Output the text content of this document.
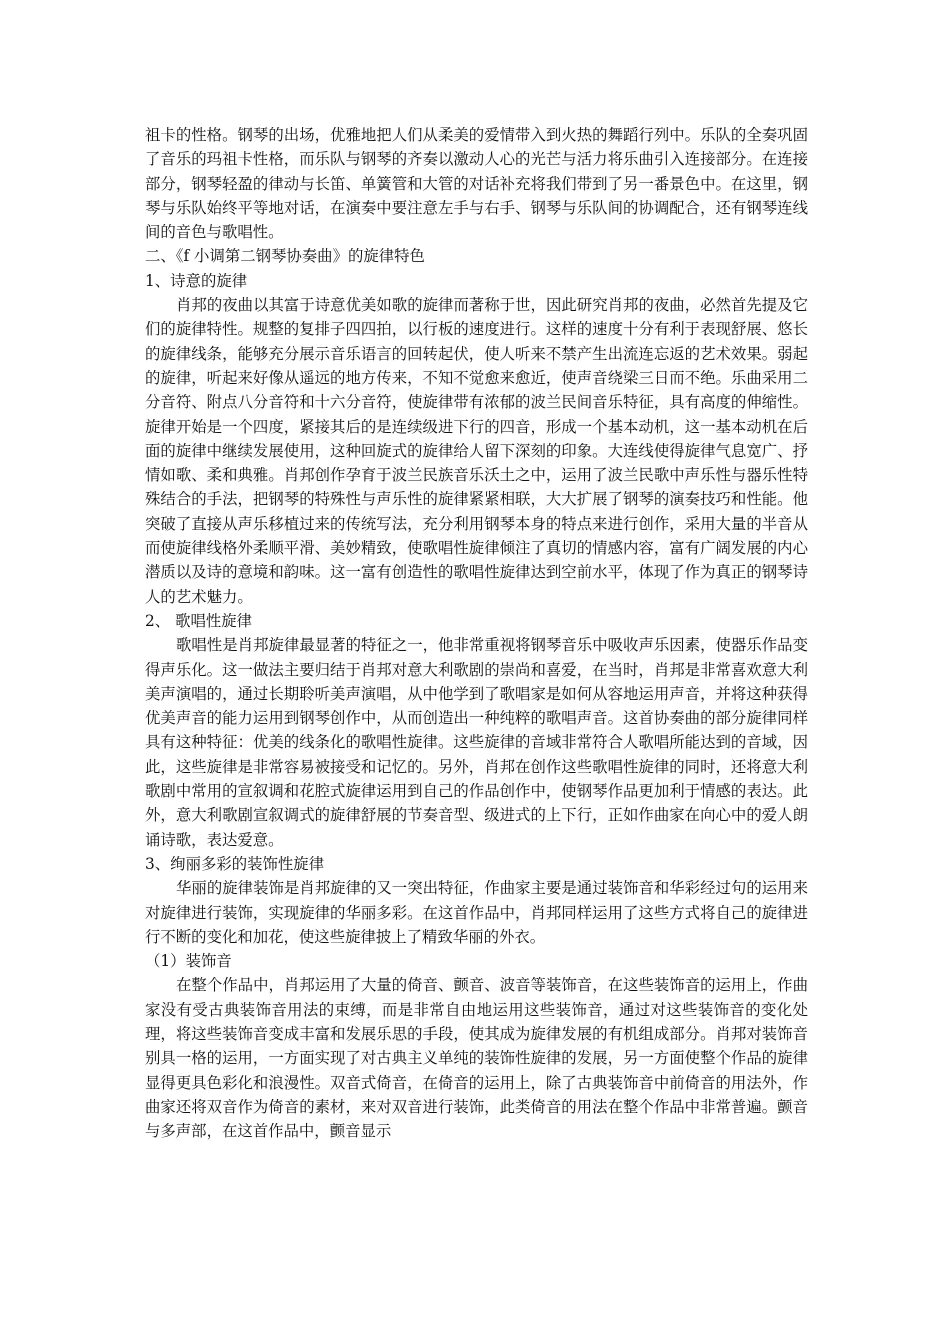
祖卡的性格。钢琴的出场，优雅地把人们从柔美的爱情带入到火热的舞蹈行列中。乐队的全奏巩固了音乐的玛祖卡性格，而乐队与钢琴的齐奏以激动人心的光芒与活力将乐曲引入连接部分。在连接部分，钢琴轻盈的律动与长笛、单簧管和大管的对话补充将我们带到了另一番景色中。在这里，钢琴与乐队始终平等地对话，在演奏中要注意左手与右手、钢琴与乐队间的协调配合，还有钢琴连线间的音色与歌唱性。

二、《f 小调第二钢琴协奏曲》的旋律特色

1、诗意的旋律

肖邦的夜曲以其富于诗意优美如歌的旋律而著称于世，因此研究肖邦的夜曲，必然首先提及它们的旋律特性。规整的复排子四四拍，以行板的速度进行。这样的速度十分有利于表现舒展、悠长的旋律线条，能够充分展示音乐语言的回转起伏，使人听来不禁产生出流连忘返的艺术效果。弱起的旋律，听起来好像从遥远的地方传来，不知不觉愈来愈近，使声音绕梁三日而不绝。乐曲采用二分音符、附点八分音符和十六分音符，使旋律带有浓郁的波兰民间音乐特征，具有高度的伸缩性。旋律开始是一个四度，紧接其后的是连续级进下行的四音，形成一个基本动机，这一基本动机在后面的旋律中继续发展使用，这种回旋式的旋律给人留下深刻的印象。大连线使得旋律气息宽广、抒情如歌、柔和典雅。肖邦创作孕育于波兰民族音乐沃土之中，运用了波兰民歌中声乐性与器乐性特殊结合的手法，把钢琴的特殊性与声乐性的旋律紧紧相联，大大扩展了钢琴的演奏技巧和性能。他突破了直接从声乐移植过来的传统写法，充分利用钢琴本身的特点来进行创作，采用大量的半音从而使旋律线格外柔顺平滑、美妙精致，使歌唱性旋律倾注了真切的情感内容，富有广阔发展的内心潜质以及诗的意境和韵味。这一富有创造性的歌唱性旋律达到空前水平，体现了作为真正的钢琴诗人的艺术魅力。

2、 歌唱性旋律

歌唱性是肖邦旋律最显著的特征之一，他非常重视将钢琴音乐中吸收声乐因素，使器乐作品变得声乐化。这一做法主要归结于肖邦对意大利歌剧的崇尚和喜爱，在当时，肖邦是非常喜欢意大利美声演唱的，通过长期聆听美声演唱，从中他学到了歌唱家是如何从容地运用声音，并将这种获得优美声音的能力运用到钢琴创作中，从而创造出一种纯粹的歌唱声音。这首协奏曲的部分旋律同样具有这种特征：优美的线条化的歌唱性旋律。这些旋律的音域非常符合人歌唱所能达到的音域，因此，这些旋律是非常容易被接受和记忆的。另外，肖邦在创作这些歌唱性旋律的同时，还将意大利歌剧中常用的宣叙调和花腔式旋律运用到自己的作品创作中，使钢琴作品更加利于情感的表达。此外，意大利歌剧宣叙调式的旋律舒展的节奏音型、级进式的上下行，正如作曲家在向心中的爱人朗诵诗歌，表达爱意。

3、绚丽多彩的装饰性旋律

华丽的旋律装饰是肖邦旋律的又一突出特征，作曲家主要是通过装饰音和华彩经过句的运用来对旋律进行装饰，实现旋律的华丽多彩。在这首作品中，肖邦同样运用了这些方式将自己的旋律进行不断的变化和加花，使这些旋律披上了精致华丽的外衣。

（1）装饰音

在整个作品中，肖邦运用了大量的倚音、颤音、波音等装饰音，在这些装饰音的运用上，作曲家没有受古典装饰音用法的束缚，而是非常自由地运用这些装饰音，通过对这些装饰音的变化处理，将这些装饰音变成丰富和发展乐思的手段，使其成为旋律发展的有机组成部分。肖邦对装饰音别具一格的运用，一方面实现了对古典主义单纯的装饰性旋律的发展，另一方面使整个作品的旋律显得更具色彩化和浪漫性。双音式倚音，在倚音的运用上，除了古典装饰音中前倚音的用法外，作曲家还将双音作为倚音的素材，来对双音进行装饰，此类倚音的用法在整个作品中非常普遍。颤音与多声部，在这首作品中，颤音显示
